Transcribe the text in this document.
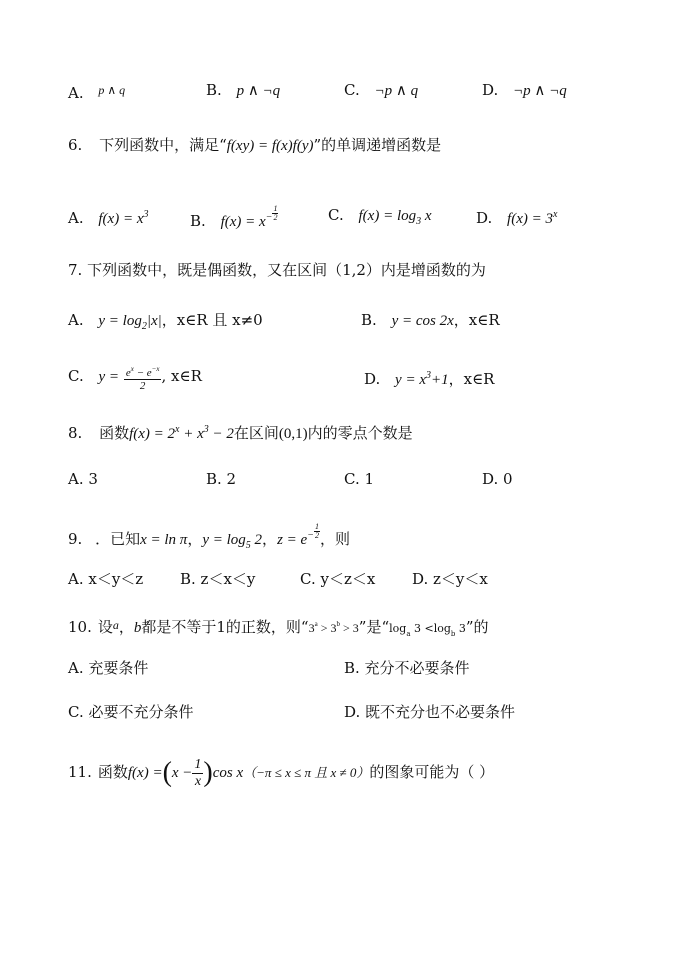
A. $^{p \wedge q}$	B. p ∧ ¬q	C. ¬p ∧ q	D. ¬p ∧ ¬q
6. 下列函数中，满足“f(xy) = f(x)f(y)”的单调递增函数是
A. $f(x) = x^3$	B. $f(x) = x^- \frac{1}{2}$	C. $f(x) = \log_3 x$	D. $f(x) = 3^x$
7. 下列函数中，既是偶函数，又在区间（1,2）内是增函数的为
A. $y = \log_2|x|$，x∈R 且 x≠0	B. y = cos 2x，x∈R
C. $y = \frac{e^x - e^{-x}}{2}$ , x∈R	D. $y = x^3+1$，x∈R
8. 函数$f(x) = 2^x + x^3 - 2$在区间(0,1)内的零点个数是
A. 3	B. 2	C. 1	D. 0
9. ．已知x = ln π，$y = \log_5 2$，$z = e^- \frac{1}{2}$，则
A. x＜y＜z B. z＜x＜y	C. y＜z＜x D. z＜y＜x
10. 设$^a$，b都是不等于1的正数，则“$3^a > 3^b > 3$”是“$\log_a$ $3 <\log_b$ 3”的
A. 充要条件	B. 充分不必要条件
C. 必要不充分条件	D. 既不充分也不必要条件
11. 函数$f(x) =(x - \frac{1}{x} )\cos$ x（−π ≤ x ≤ π 且 x ≠ 0）的图象可能为（ ）
